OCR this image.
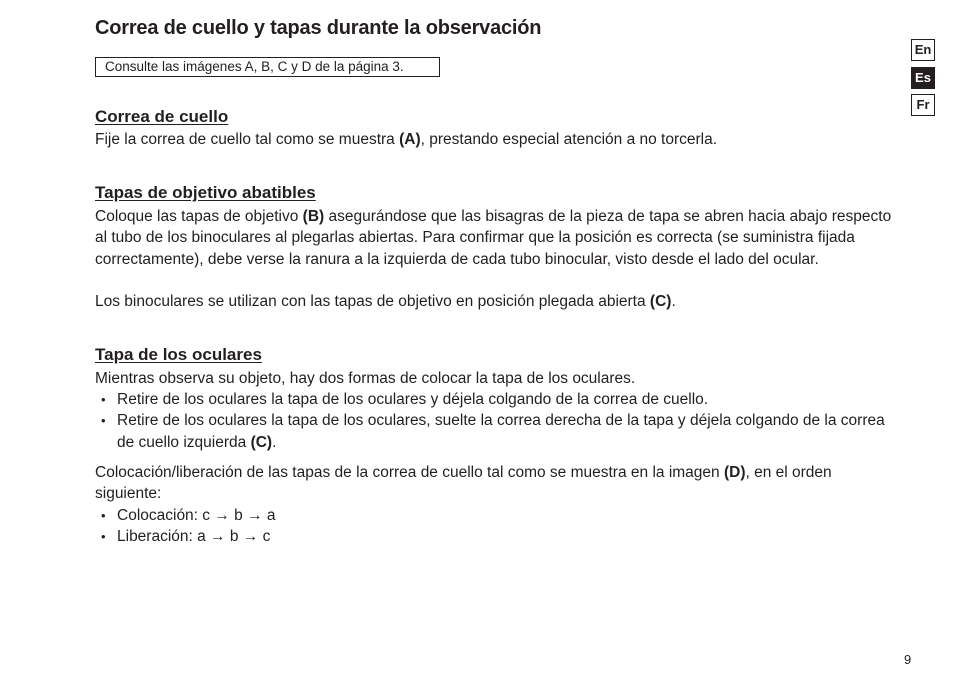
Correa de cuello y tapas durante la observación
Consulte las imágenes A, B, C y D de la página 3.
En
Es
Fr
Correa de cuello

Fije la correa de cuello tal como se muestra (A), prestando especial atención a no torcerla.

Tapas de objetivo abatibles

Coloque las tapas de objetivo (B) asegurándose que las bisagras de la pieza de tapa se abren hacia abajo respecto al tubo de los binoculares al plegarlas abiertas. Para confirmar que la posición es correcta (se suministra fijada correctamente), debe verse la ranura a la izquierda de cada tubo binocular, visto desde el lado del ocular.

Los binoculares se utilizan con las tapas de objetivo en posición plegada abierta (C).

Tapa de los oculares

Mientras observa su objeto, hay dos formas de colocar la tapa de los oculares.

• Retire de los oculares la tapa de los oculares y déjela colgando de la correa de cuello.
• Retire de los oculares la tapa de los oculares, suelte la correa derecha de la tapa y déjela colgando de la correa de cuello izquierda (C).

Colocación/liberación de las tapas de la correa de cuello tal como se muestra en la imagen (D), en el orden siguiente:

• Colocación: c → b → a
• Liberación: a → b → c
9
